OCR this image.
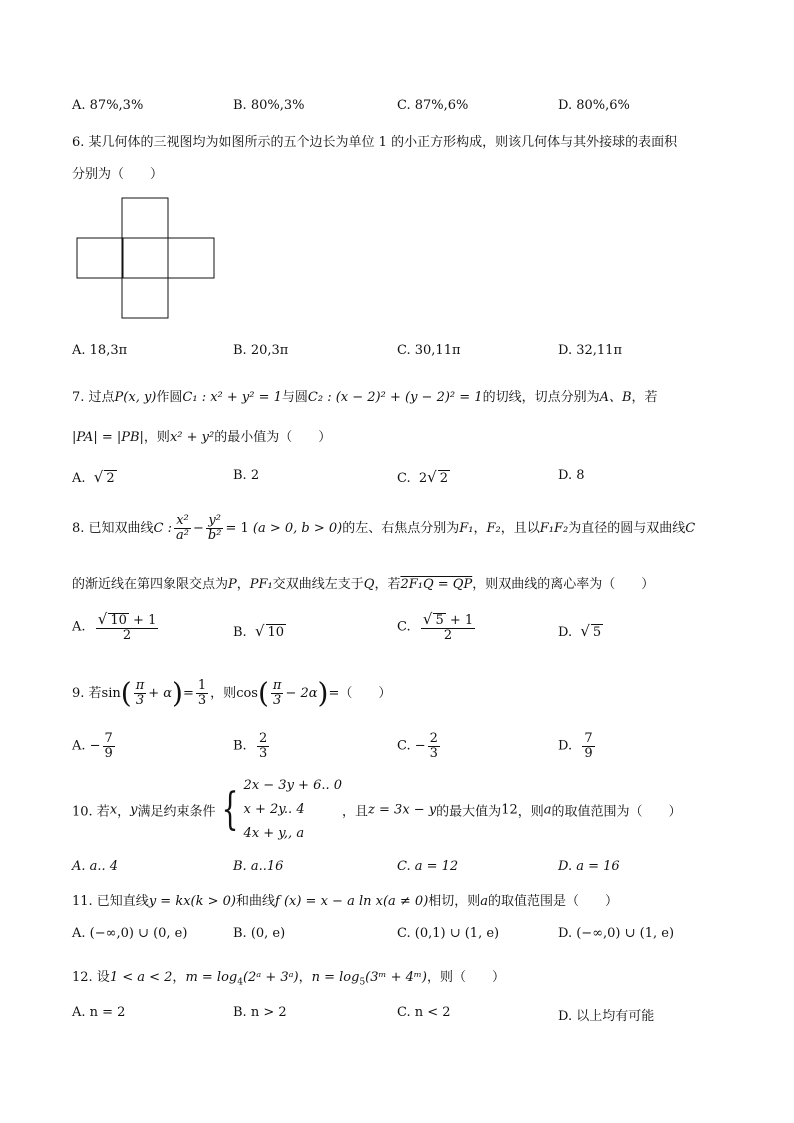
A. 87%,3%	B. 80%,3%	C. 87%,6%	D. 80%,6%
6. 某几何体的三视图均为如图所示的五个边长为单位 1 的小正方形构成，则该几何体与其外接球的表面积
分别为（　　）
A. 18,3π	B. 20,3π	C. 30,11π	D. 32,11π
7. 过点P(x, y)作圆C₁ : x² + y² = 1与圆C₂ : (x − 2)² + (y − 2)² = 1的切线，切点分别为A、B，若
|PA| = |PB|，则x² + y²的最小值为（　　）
A. √ 2	B. 2	C. 2√ 2	D. 8
8. 已知双曲线C : $\frac{\text{x²}}{\text{a²}} - \frac{\text{y²}}{\text{b²}} = 1$ (a > 0, b > 0)的左、右焦点分别为F₁，F₂，且以F₁F₂为直径的圆与双曲线C
的渐近线在第四象限交点为P，PF₁交双曲线左支于Q，若2F₁Q = QP，则双曲线的离心率为（　　）
A. $\frac{√ 10 + 1}{2}$	B. √ 10	C. $\frac{√ 5 + 1}{2}$	D. √ 5
9. 若$\sin( \frac{\pi}{3} + \alpha)= \frac{1}{3}$ ，则$\cos( \frac{\pi}{3} - 2\alpha)=$（　　）
A. − $\frac{7}{9}$	B. $\frac{2}{3}$	C. − $\frac{2}{3}$	D. $\frac{7}{9}$
10. 若x，y满足约束条件 { 2x − 3y + 6.. 0
x + 2y.. 4
4x + y,, a
，且z = 3x − y的最大值为12，则a的取值范围为（　　）
A. a.. 4	B. a..16	C. a = 12	D. a = 16
11. 已知直线y = kx(k > 0)和曲线f (x) = x − a ln x(a ≠ 0)相切，则a的取值范围是（　　）
A. (−∞,0) ∪ (0, e)	B. (0, e)	C. (0,1) ∪ (1, e)	D. (−∞,0) ∪ (1, e)
12. 设1 < a < 2，$m = \log_4(2ᵃ$ + 3ᵃ)，$n = \log_5(3ᵐ$ + 4ᵐ)，则（　　）
A. n = 2	B. n > 2	C. n < 2	D. 以上均有可能
